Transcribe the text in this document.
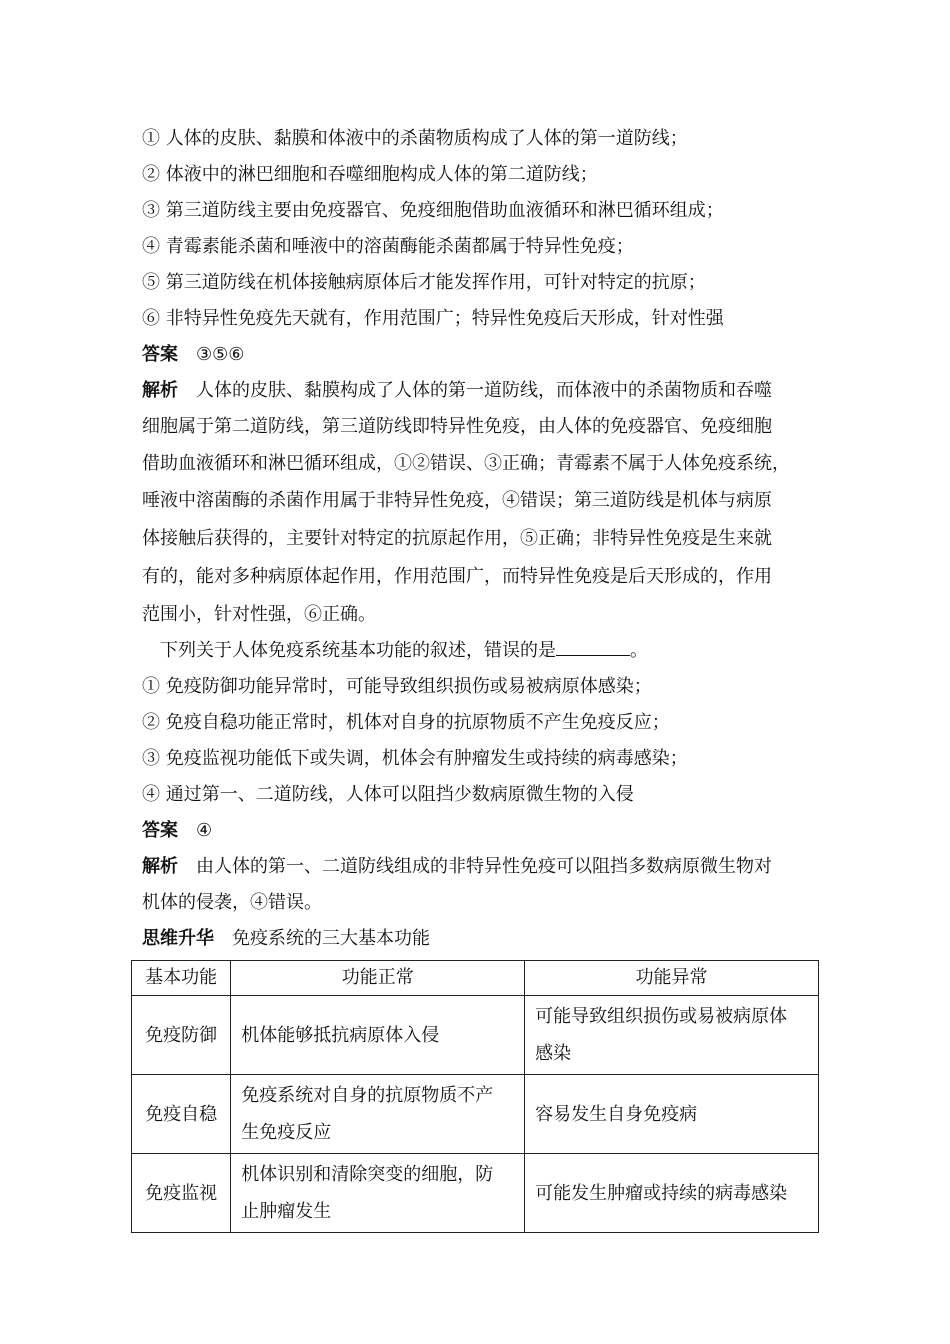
① 人体的皮肤、黏膜和体液中的杀菌物质构成了人体的第一道防线；
② 体液中的淋巴细胞和吞噬细胞构成人体的第二道防线；
③ 第三道防线主要由免疫器官、免疫细胞借助血液循环和淋巴循环组成；
④ 青霉素能杀菌和唾液中的溶菌酶能杀菌都属于特异性免疫；
⑤ 第三道防线在机体接触病原体后才能发挥作用，可针对特定的抗原；
⑥ 非特异性免疫先天就有，作用范围广；特异性免疫后天形成，针对性强
答案 ③⑤⑥
解析 人体的皮肤、黏膜构成了人体的第一道防线，而体液中的杀菌物质和吞噬
细胞属于第二道防线，第三道防线即特异性免疫，由人体的免疫器官、免疫细胞
借助血液循环和淋巴循环组成，①②错误、③正确；青霉素不属于人体免疫系统，
唾液中溶菌酶的杀菌作用属于非特异性免疫，④错误；第三道防线是机体与病原
体接触后获得的，主要针对特定的抗原起作用，⑤正确；非特异性免疫是生来就
有的，能对多种病原体起作用，作用范围广，而特异性免疫是后天形成的，作用
范围小，针对性强，⑥正确。
下列关于人体免疫系统基本功能的叙述，错误的是	。
① 免疫防御功能异常时，可能导致组织损伤或易被病原体感染；
② 免疫自稳功能正常时，机体对自身的抗原物质不产生免疫反应；
③ 免疫监视功能低下或失调，机体会有肿瘤发生或持续的病毒感染；
④ 通过第一、二道防线，人体可以阻挡少数病原微生物的入侵
答案 ④
解析 由人体的第一、二道防线组成的非特异性免疫可以阻挡多数病原微生物对
机体的侵袭，④错误。
思维升华 免疫系统的三大基本功能
基本功能	功能正常	功能异常
免疫防御	机体能够抵抗病原体入侵	可能导致组织损伤或易被病原体
感染

免疫自稳	免疫系统对自身的抗原物质不产
生免疫反应	容易发生自身免疫病

免疫监视	机体识别和清除突变的细胞，防
止肿瘤发生	可能发生肿瘤或持续的病毒感染
